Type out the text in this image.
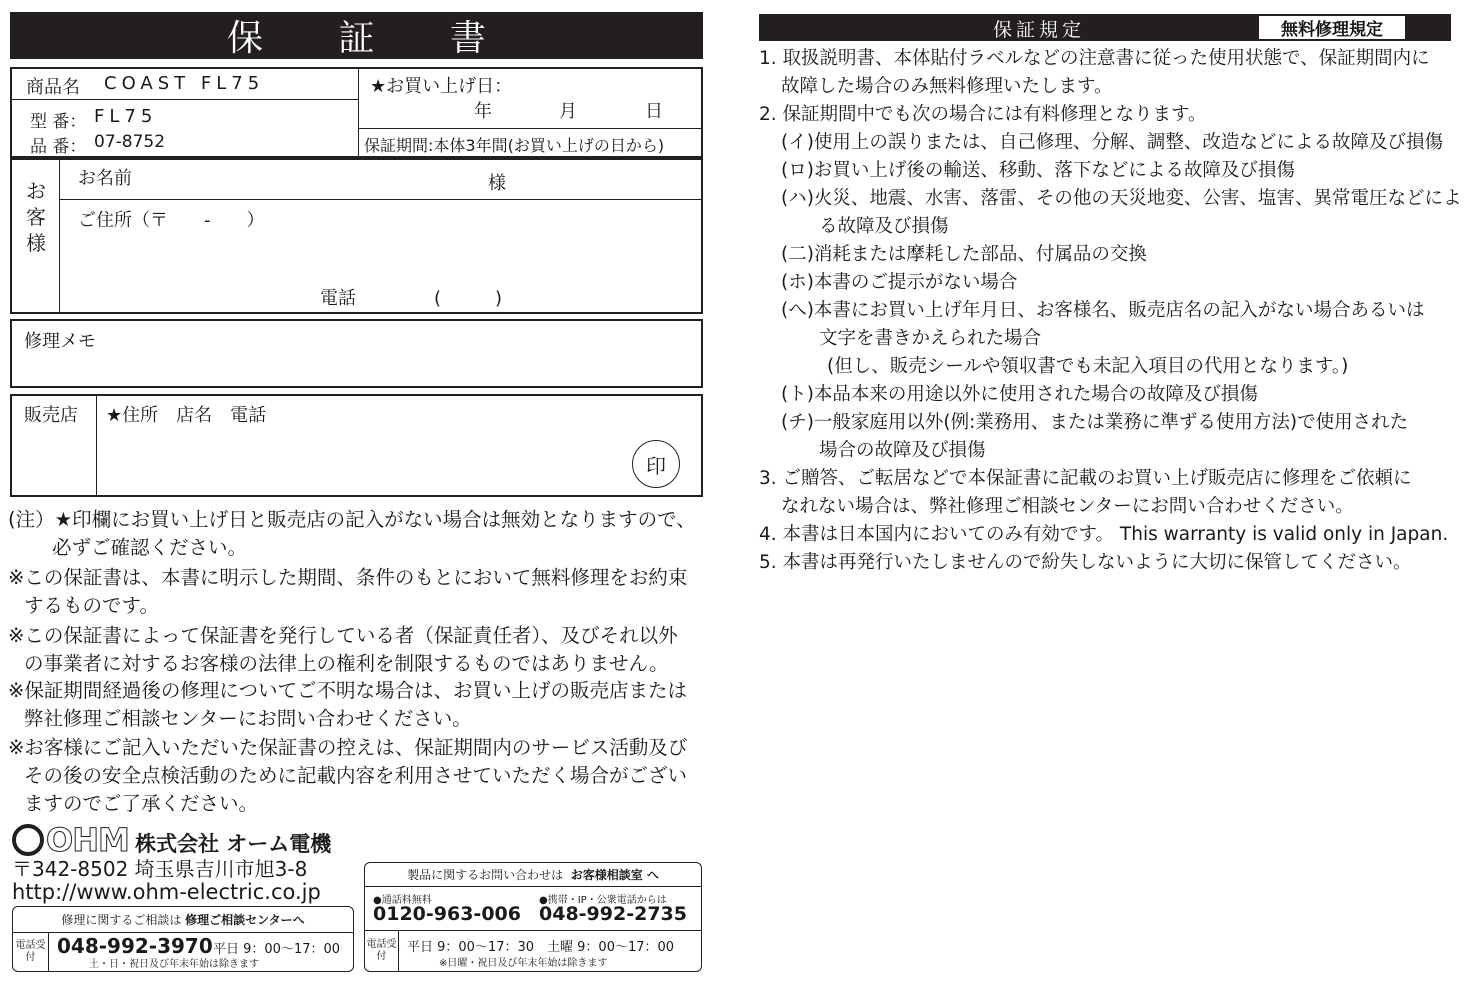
保 証 書
商品名 COAST FL75
型 番： FL75
品 番： 07-8752
★お買い上げ日：
年	月	日
保証期間:本体3年間(お買い上げの日から)
お客様
お名前	様
ご住所（〒　　-　　）
電話	(　　　)
修理メモ
販売店 ★住所　店名　電話
印
(注）★印欄にお買い上げ日と販売店の記入がない場合は無効となりますので、
必ずご確認ください。
※この保証書は、本書に明示した期間、条件のもとにおいて無料修理をお約束
するものです。
※この保証書によって保証書を発行している者（保証責任者）、及びそれ以外
の事業者に対するお客様の法律上の権利を制限するものではありません。
※保証期間経過後の修理についてご不明な場合は、お買い上げの販売店または
弊社修理ご相談センターにお問い合わせください。
※お客様にご記入いただいた保証書の控えは、保証期間内のサービス活動及び
その後の安全点検活動のために記載内容を利用させていただく場合がござい
ますのでご了承ください。
OHM 株式会社 オーム電機
〒342-8502 埼玉県吉川市旭3-8
http://www.ohm-electric.co.jp
修理に関するご相談は
修理ご相談センターへ
電話受付	048-992-3970 平日 9：00〜17：00
土・日・祝日及び年末年始は除きます
製品に関するお問い合わせは
お客様相談室 へ
●通話料無料	●携帯・IP・公衆電話からは
0120-963-006 048-992-2735
電話受付
平日 9：00〜17：30　土曜 9：00〜17：00
※日曜・祝日及び年末年始は除きます
保証規定	無料修理規定
1. 取扱説明書、本体貼付ラベルなどの注意書に従った使用状態で、保証期間内に
故障した場合のみ無料修理いたします。
2. 保証期間中でも次の場合には有料修理となります。
(イ)使用上の誤りまたは、自己修理、分解、調整、改造などによる故障及び損傷
(ロ)お買い上げ後の輸送、移動、落下などによる故障及び損傷
(ハ)火災、地震、水害、落雷、その他の天災地変、公害、塩害、異常電圧などによ
る故障及び損傷
(二)消耗または摩耗した部品、付属品の交換
(ホ)本書のご提示がない場合
(へ)本書にお買い上げ年月日、お客様名、販売店名の記入がない場合あるいは
文字を書きかえられた場合
(但し、販売シールや領収書でも未記入項目の代用となります。)
(ト)本品本来の用途以外に使用された場合の故障及び損傷
(チ)一般家庭用以外(例:業務用、または業務に準ずる使用方法)で使用された
場合の故障及び損傷
3. ご贈答、ご転居などで本保証書に記載のお買い上げ販売店に修理をご依頼に
なれない場合は、弊社修理ご相談センターにお問い合わせください。
4. 本書は日本国内においてのみ有効です。 This warranty is valid only in Japan.
5. 本書は再発行いたしませんので紛失しないように大切に保管してください。
